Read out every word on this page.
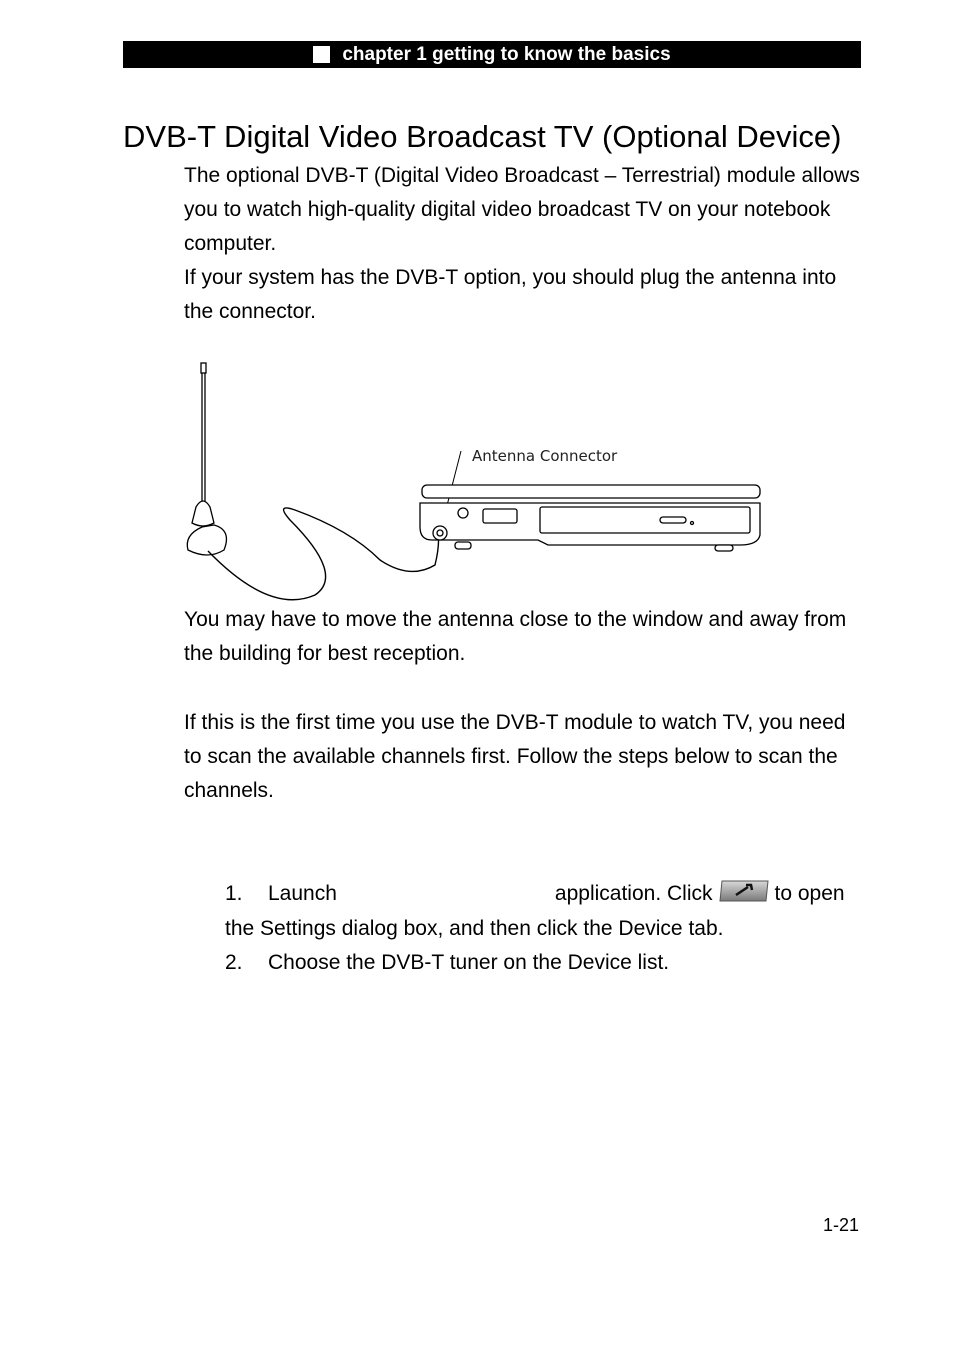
chapter 1 getting to know the basics
DVB-T Digital Video Broadcast TV (Optional Device)

The optional DVB-T (Digital Video Broadcast – Terrestrial) module allows you to watch high-quality digital video broadcast TV on your notebook computer.

If your system has the DVB-T option, you should plug the antenna into the connector.

Antenna Connector

You may have to move the antenna close to the window and away from the building for best reception.

If this is the first time you use the DVB-T module to watch TV, you need to scan the available channels first. Follow the steps below to scan the channels.

1. Launch	application. Click	to open the Settings dialog box, and then click the Device tab.

2. Choose the DVB-T tuner on the Device list.

1-21
